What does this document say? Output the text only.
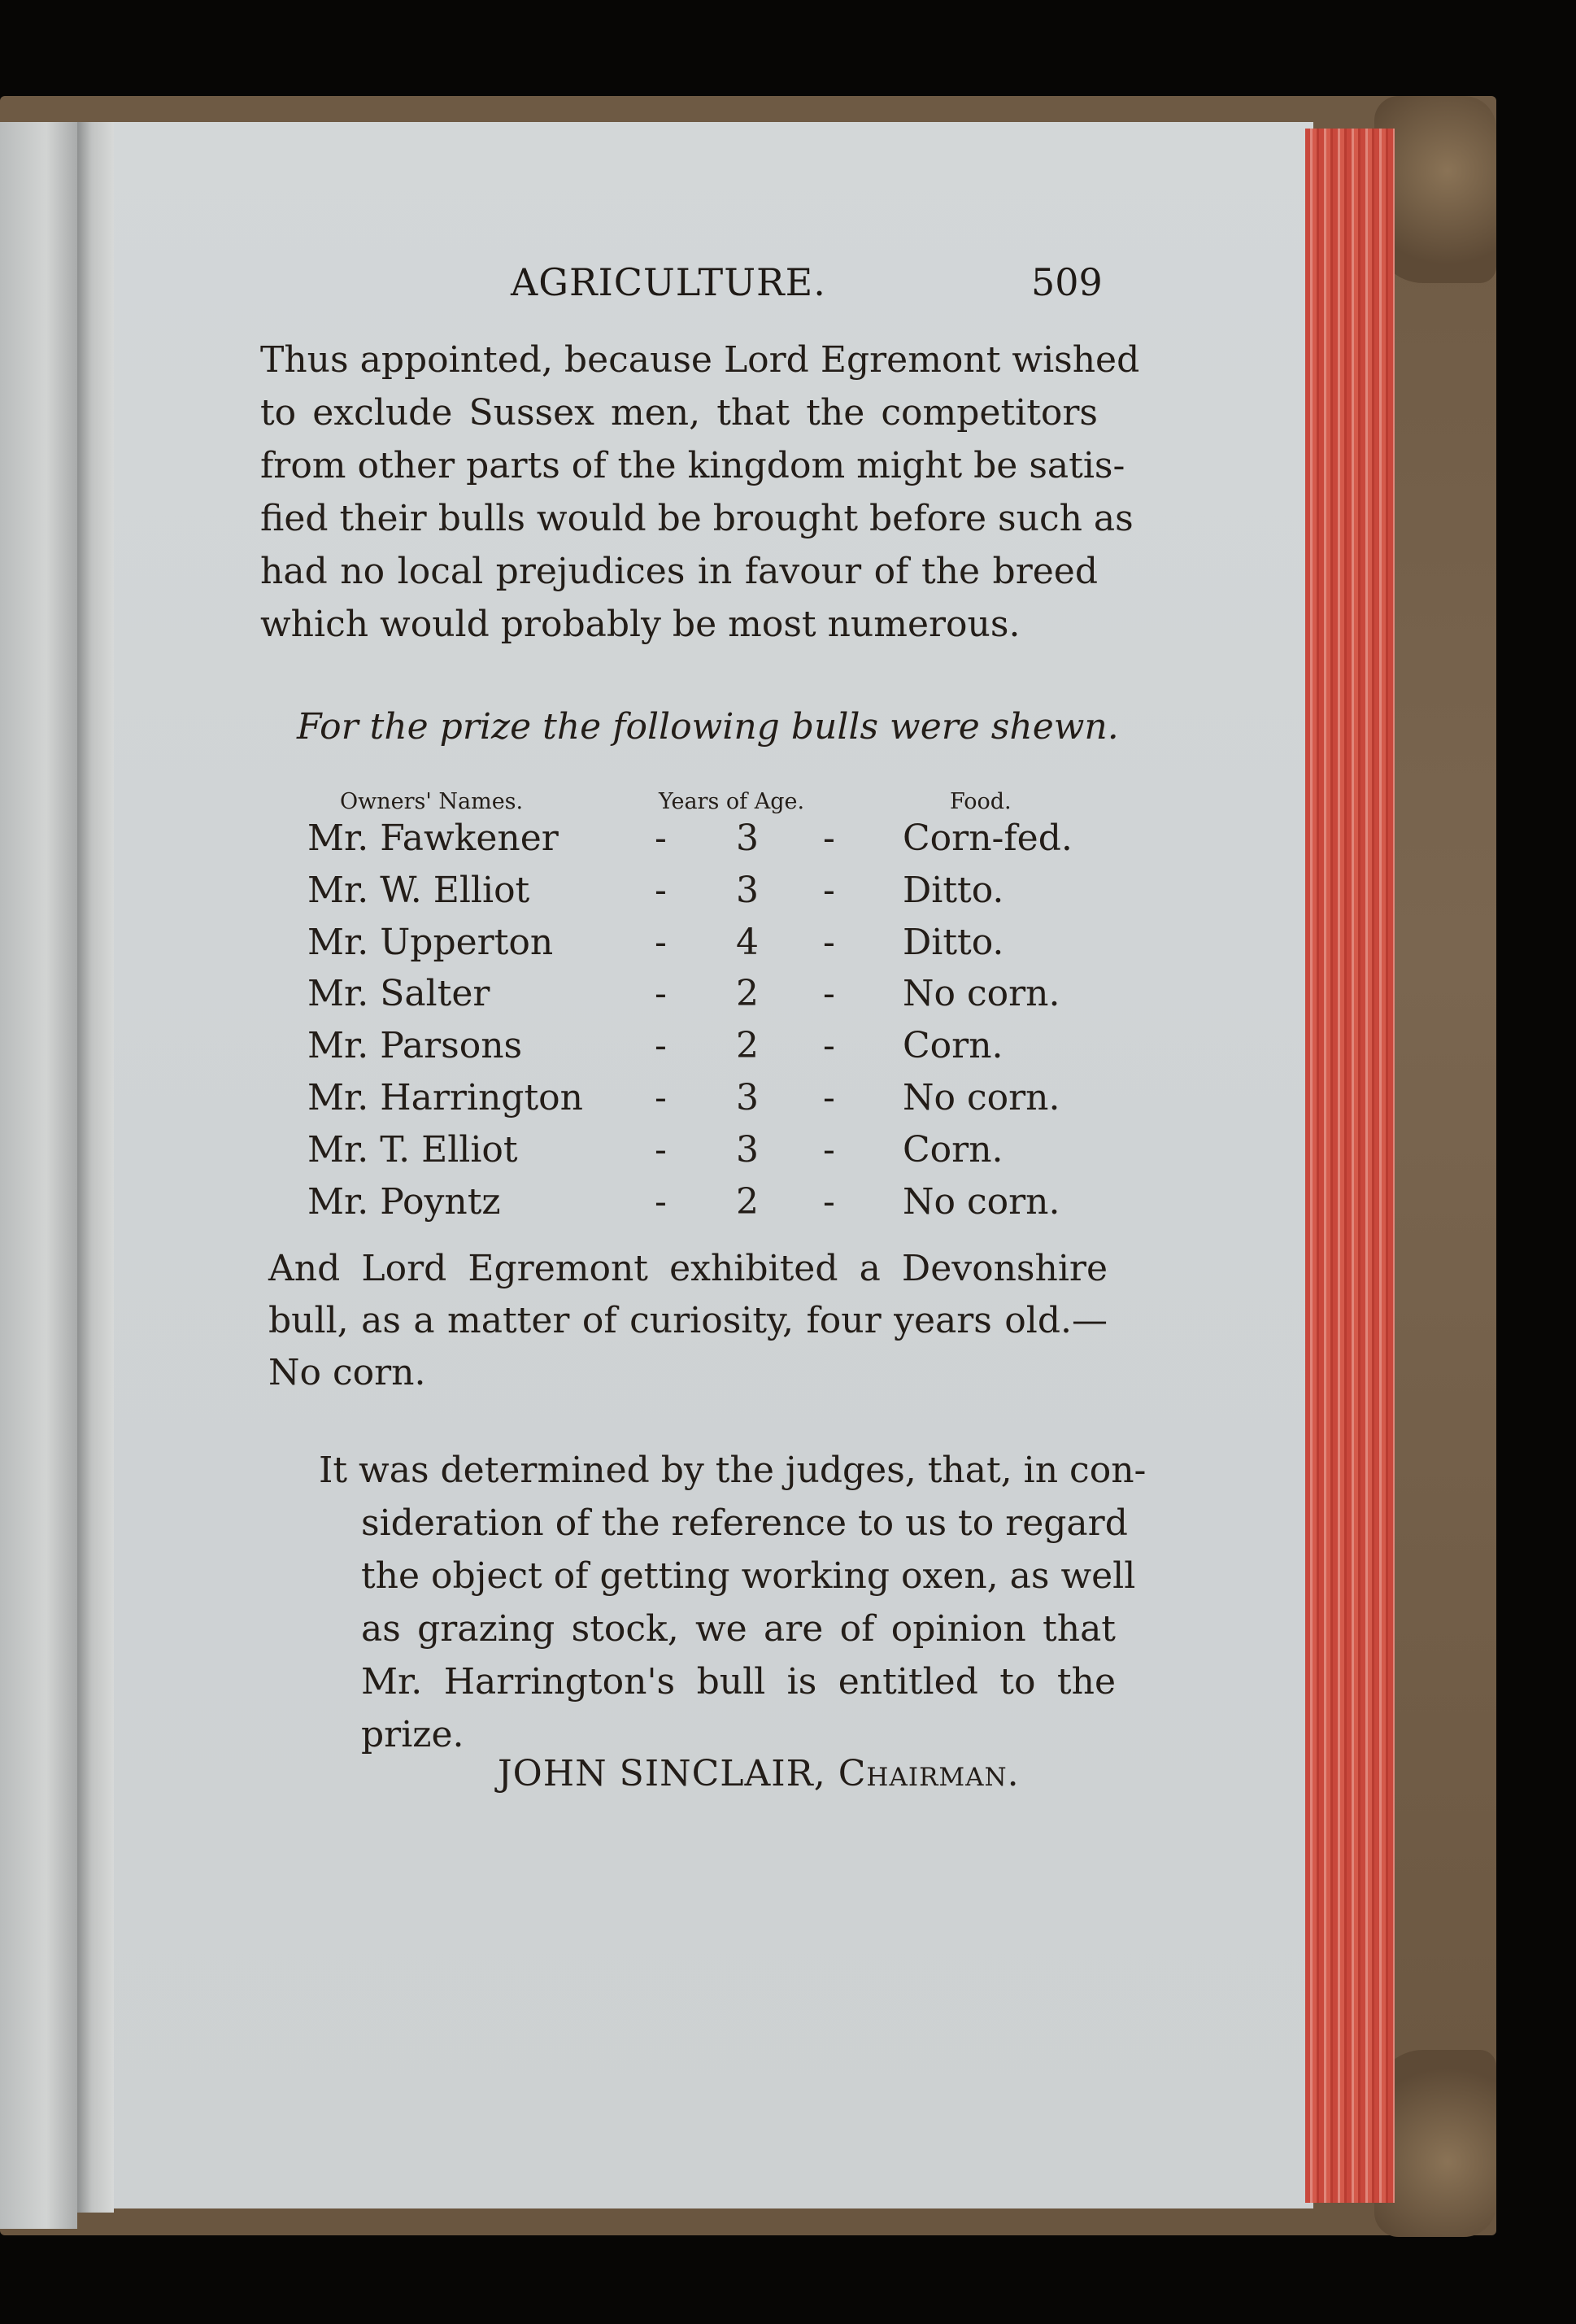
AGRICULTURE.	509
Thus appointed, because Lord Egremont wished
to exclude Sussex men, that the competitors
from other parts of the kingdom might be satis-
fied their bulls would be brought before such as
had no local prejudices in favour of the breed
which would probably be most numerous.
For the prize the following bulls were shewn.
Owners' Names.	Years of Age.	Food.
Mr. Fawkener	- 3 - Corn-fed.
Mr. W. Elliot	- 3 - Ditto.
Mr. Upperton	- 4 - Ditto.
Mr. Salter	- 2 - No corn.
Mr. Parsons	- 2 - Corn.
Mr. Harrington - 3 - No corn.
Mr. T. Elliot	- 3 - Corn.
Mr. Poyntz	- 2 - No corn.
And Lord Egremont exhibited a Devonshire
bull, as a matter of curiosity, four years old.—
No corn.
It was determined by the judges, that, in con-
sideration of the reference to us to regard
the object of getting working oxen, as well
as grazing stock, we are of opinion that
Mr. Harrington's bull is entitled to the
prize.
JOHN SINCLAIR, Chairman.
